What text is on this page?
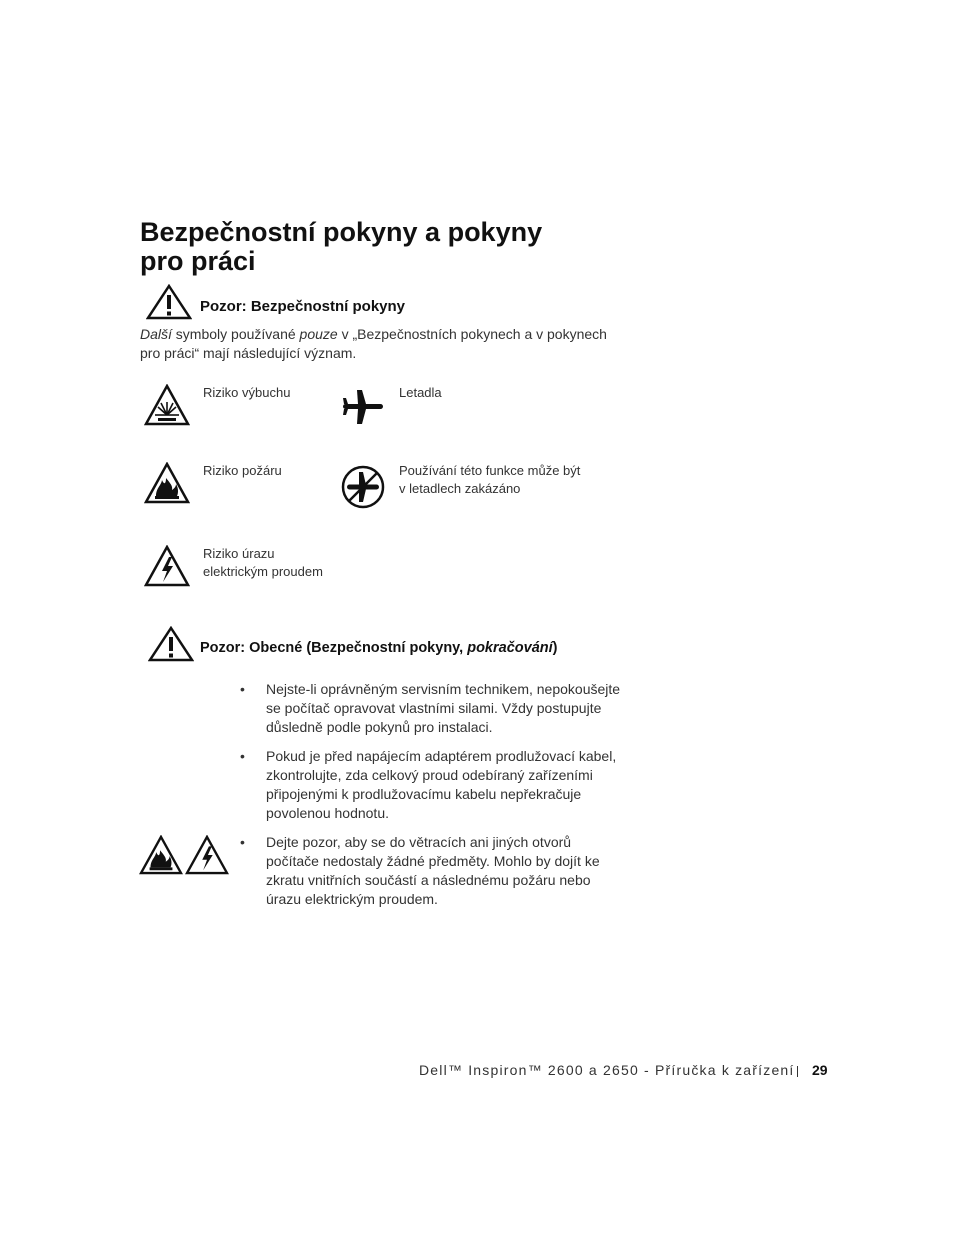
Bezpečnostní pokyny a pokyny
pro práci
Pozor: Bezpečnostní pokyny
Další symboly používané pouze v „Bezpečnostních pokynech a v pokynech
pro práci“ mají následující význam.
Riziko výbuchu	Letadla
Riziko požáru	Používání této funkce může být
v letadlech zakázáno
Riziko úrazu
elektrickým proudem
Pozor: Obecné (Bezpečnostní pokyny, pokračování)
• Nejste-li oprávněným servisním technikem, nepokoušejte
se počítač opravovat vlastními silami. Vždy postupujte
důsledně podle pokynů pro instalaci.
• Pokud je před napájecím adaptérem prodlužovací kabel,
zkontrolujte, zda celkový proud odebíraný zařízeními
připojenými k prodlužovacímu kabelu nepřekračuje
povolenou hodnotu.
• Dejte pozor, aby se do větracích ani jiných otvorů
počítače nedostaly žádné předměty. Mohlo by dojít ke
zkratu vnitřních součástí a následnému požáru nebo
úrazu elektrickým proudem.
Dell™ Inspiron™ 2600 a 2650 - Příručka k zařízení 29
